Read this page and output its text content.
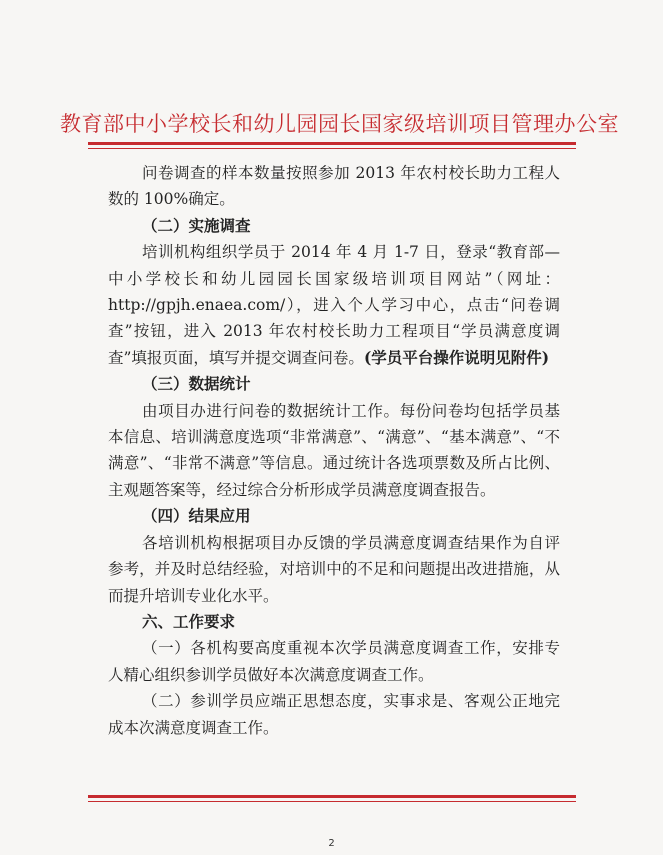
教育部中小学校长和幼儿园园长国家级培训项目管理办公室

问卷调查的样本数量按照参加 2013 年农村校长助力工程人数的 100%确定。

（二）实施调查

培训机构组织学员于 2014 年 4 月 1-7 日，登录“教育部—中小学校长和幼儿园园长国家级培训项目网站”（网址：http://gpjh.enaea.com/），进入个人学习中心，点击“问卷调查”按钮，进入 2013 年农村校长助力工程项目“学员满意度调查”填报页面，填写并提交调查问卷。(学员平台操作说明见附件)

（三）数据统计

由项目办进行问卷的数据统计工作。每份问卷均包括学员基本信息、培训满意度选项“非常满意”、“满意”、“基本满意”、“不满意”、“非常不满意”等信息。通过统计各选项票数及所占比例、主观题答案等，经过综合分析形成学员满意度调查报告。

（四）结果应用

各培训机构根据项目办反馈的学员满意度调查结果作为自评参考，并及时总结经验，对培训中的不足和问题提出改进措施，从而提升培训专业化水平。

六、工作要求

（一）各机构要高度重视本次学员满意度调查工作，安排专人精心组织参训学员做好本次满意度调查工作。

（二）参训学员应端正思想态度，实事求是、客观公正地完成本次满意度调查工作。

2
